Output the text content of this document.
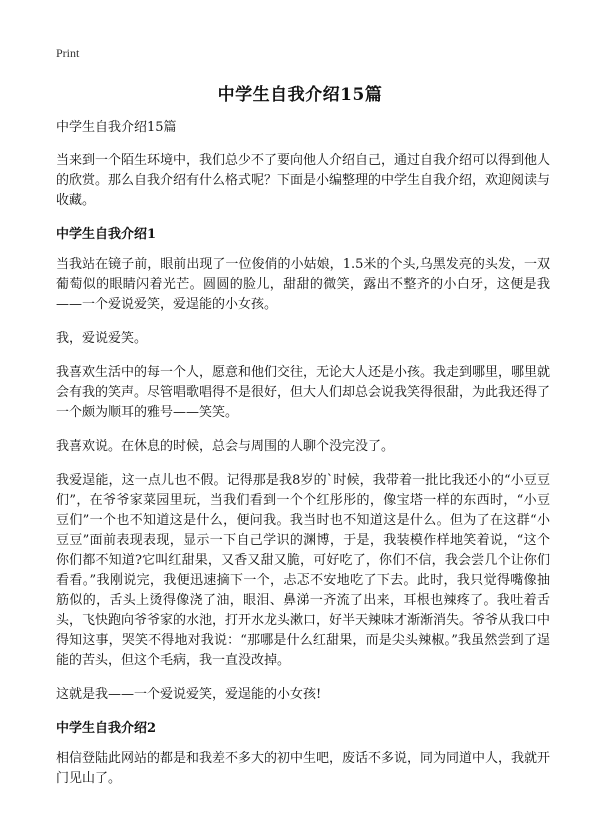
Print
中学生自我介绍15篇
中学生自我介绍15篇

当来到一个陌生环境中，我们总少不了要向他人介绍自己，通过自我介绍可以得到他人的欣赏。那么自我介绍有什么格式呢？下面是小编整理的中学生自我介绍，欢迎阅读与收藏。

中学生自我介绍1

当我站在镜子前，眼前出现了一位俊俏的小姑娘，1.5米的个头,乌黑发亮的头发，一双葡萄似的眼睛闪着光芒。圆圆的脸儿，甜甜的微笑，露出不整齐的小白牙，这便是我——一个爱说爱笑，爱逞能的小女孩。

我，爱说爱笑。

我喜欢生活中的每一个人，愿意和他们交往，无论大人还是小孩。我走到哪里，哪里就会有我的笑声。尽管唱歌唱得不是很好，但大人们却总会说我笑得很甜，为此我还得了一个颇为顺耳的雅号——笑笑。

我喜欢说。在休息的时候，总会与周围的人聊个没完没了。

我爱逞能，这一点儿也不假。记得那是我8岁的`时候，我带着一批比我还小的“小豆豆们”，在爷爷家菜园里玩，当我们看到一个个红彤彤的，像宝塔一样的东西时，“小豆豆们”一个也不知道这是什么，便问我。我当时也不知道这是什么。但为了在这群“小豆豆”面前表现表现，显示一下自己学识的渊博，于是，我装模作样地笑着说，“这个你们都不知道?它叫红甜果，又香又甜又脆，可好吃了，你们不信，我会尝几个让你们看看。”我刚说完，我便迅速摘下一个，忐忑不安地吃了下去。此时，我只觉得嘴像抽筋似的，舌头上烫得像浇了油，眼泪、鼻涕一齐流了出来，耳根也辣疼了。我吐着舌头，飞快跑向爷爷家的水池，打开水龙头漱口，好半天辣味才渐渐消失。爷爷从我口中得知这事，哭笑不得地对我说：“那哪是什么红甜果，而是尖头辣椒。”我虽然尝到了逞能的苦头，但这个毛病，我一直没改掉。

这就是我——一个爱说爱笑，爱逞能的小女孩!

中学生自我介绍2

相信登陆此网站的都是和我差不多大的初中生吧，废话不多说，同为同道中人，我就开门见山了。
